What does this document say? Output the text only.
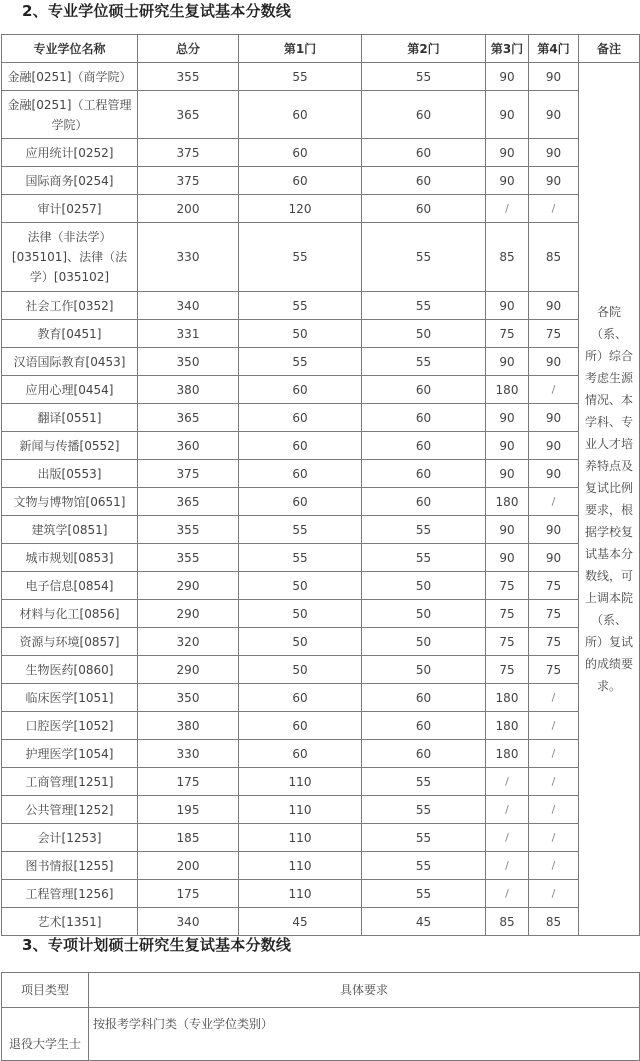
2、专业学位硕士研究生复试基本分数线
专业学位名称	总分	第1门	第2门	第3门	第4门	备注
金融[0251]（商学院）	355	55	55	90	90	各院（系、所）综合考虑生源情况、本学科、专业人才培养特点及复试比例要求，根据学校复试基本分数线，可上调本院（系、所）复试的成绩要求。
金融[0251]（工程管理学院）	365	60	60	90	90	
应用统计[0252]	375	60	60	90	90	
国际商务[0254]	375	60	60	90	90	
审计[0257]	200	120	60	/	/	
法律（非法学）[035101]、法律（法学）[035102]	330	55	55	85	85	
社会工作[0352]	340	55	55	90	90	
教育[0451]	331	50	50	75	75	
汉语国际教育[0453]	350	55	55	90	90	
应用心理[0454]	380	60	60	180	/	
翻译[0551]	365	60	60	90	90	
新闻与传播[0552]	360	60	60	90	90	
出版[0553]	375	60	60	90	90	
文物与博物馆[0651]	365	60	60	180	/	
建筑学[0851]	355	55	55	90	90	
城市规划[0853]	355	55	55	90	90	
电子信息[0854]	290	50	50	75	75	
材料与化工[0856]	290	50	50	75	75	
资源与环境[0857]	320	50	50	75	75	
生物医药[0860]	290	50	50	75	75	
临床医学[1051]	350	60	60	180	/	
口腔医学[1052]	380	60	60	180	/	
护理医学[1054]	330	60	60	180	/	
工商管理[1251]	175	110	55	/	/	
公共管理[1252]	195	110	55	/	/	
会计[1253]	185	110	55	/	/	
图书情报[1255]	200	110	55	/	/	
工程管理[1256]	175	110	55	/	/	
艺术[1351]	340	45	45	85	85	
3、专项计划硕士研究生复试基本分数线
项目类型	具体要求
退役大学生士	按报考学科门类（专业学位类别）
